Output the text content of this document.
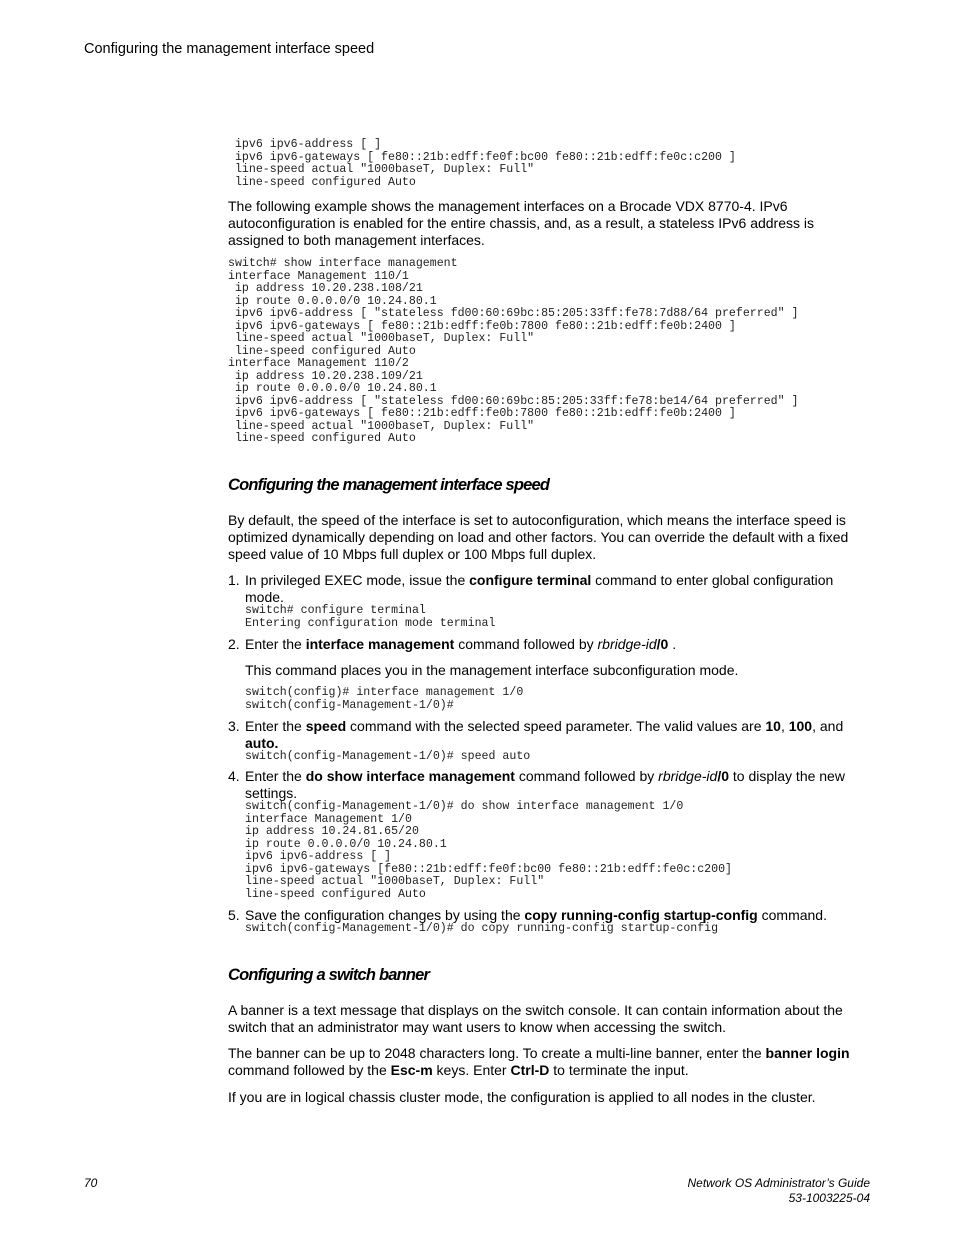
Configuring the management interface speed
ipv6 ipv6-address [ ]
ipv6 ipv6-gateways [ fe80::21b:edff:fe0f:bc00 fe80::21b:edff:fe0c:c200 ]
line-speed actual "1000baseT, Duplex: Full"
line-speed configured Auto

The following example shows the management interfaces on a Brocade VDX 8770-4. IPv6 autoconfiguration is enabled for the entire chassis, and, as a result, a stateless IPv6 address is assigned to both management interfaces.

switch# show interface management
interface Management 110/1
ip address 10.20.238.108/21
ip route 0.0.0.0/0 10.24.80.1
ipv6 ipv6-address [ "stateless fd00:60:69bc:85:205:33ff:fe78:7d88/64 preferred" ]
ipv6 ipv6-gateways [ fe80::21b:edff:fe0b:7800 fe80::21b:edff:fe0b:2400 ]
line-speed actual "1000baseT, Duplex: Full"
line-speed configured Auto
interface Management 110/2
ip address 10.20.238.109/21
ip route 0.0.0.0/0 10.24.80.1
ipv6 ipv6-address [ "stateless fd00:60:69bc:85:205:33ff:fe78:be14/64 preferred" ]
ipv6 ipv6-gateways [ fe80::21b:edff:fe0b:7800 fe80::21b:edff:fe0b:2400 ]
line-speed actual "1000baseT, Duplex: Full"
line-speed configured Auto
Configuring the management interface speed

By default, the speed of the interface is set to autoconfiguration, which means the interface speed is optimized dynamically depending on load and other factors. You can override the default with a fixed speed value of 10 Mbps full duplex or 100 Mbps full duplex.

1. In privileged EXEC mode, issue the configure terminal command to enter global configuration mode.
switch# configure terminal
Entering configuration mode terminal
2. Enter the interface management command followed by rbridge-id/0 .

This command places you in the management interface subconfiguration mode.

switch(config)# interface management 1/0
switch(config-Management-1/0)#
3. Enter the speed command with the selected speed parameter. The valid values are 10, 100, and auto.
switch(config-Management-1/0)# speed auto
4. Enter the do show interface management command followed by rbridge-id/0 to display the new settings.
switch(config-Management-1/0)# do show interface management 1/0
interface Management 1/0
ip address 10.24.81.65/20
ip route 0.0.0.0/0 10.24.80.1
ipv6 ipv6-address [ ]
ipv6 ipv6-gateways [fe80::21b:edff:fe0f:bc00 fe80::21b:edff:fe0c:c200]
line-speed actual "1000baseT, Duplex: Full"
line-speed configured Auto
5. Save the configuration changes by using the copy running-config startup-config command.
switch(config-Management-1/0)# do copy running-config startup-config
Configuring a switch banner

A banner is a text message that displays on the switch console. It can contain information about the switch that an administrator may want users to know when accessing the switch.

The banner can be up to 2048 characters long. To create a multi-line banner, enter the banner login command followed by the Esc-m keys. Enter Ctrl-D to terminate the input.

If you are in logical chassis cluster mode, the configuration is applied to all nodes in the cluster.

70	Network OS Administrator’s Guide
53-1003225-04
